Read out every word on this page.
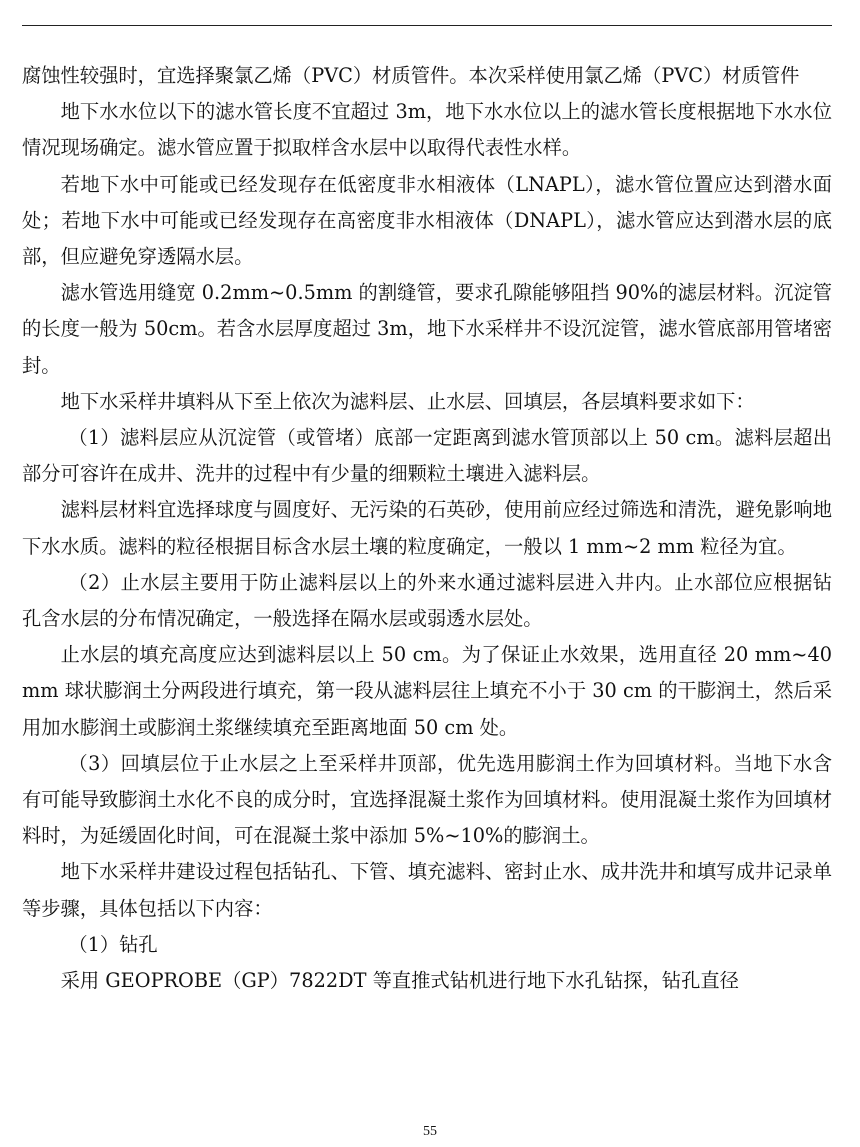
腐蚀性较强时，宜选择聚氯乙烯（PVC）材质管件。本次采样使用氯乙烯（PVC）材质管件

地下水水位以下的滤水管长度不宜超过 3m，地下水水位以上的滤水管长度根据地下水水位情况现场确定。滤水管应置于拟取样含水层中以取得代表性水样。

若地下水中可能或已经发现存在低密度非水相液体（LNAPL），滤水管位置应达到潜水面处；若地下水中可能或已经发现存在高密度非水相液体（DNAPL），滤水管应达到潜水层的底部，但应避免穿透隔水层。

滤水管选用缝宽 0.2mm~0.5mm 的割缝管，要求孔隙能够阻挡 90%的滤层材料。沉淀管的长度一般为 50cm。若含水层厚度超过 3m，地下水采样井不设沉淀管，滤水管底部用管堵密封。

地下水采样井填料从下至上依次为滤料层、止水层、回填层，各层填料要求如下：

（1）滤料层应从沉淀管（或管堵）底部一定距离到滤水管顶部以上 50 cm。滤料层超出部分可容许在成井、洗井的过程中有少量的细颗粒土壤进入滤料层。

滤料层材料宜选择球度与圆度好、无污染的石英砂，使用前应经过筛选和清洗，避免影响地下水水质。滤料的粒径根据目标含水层土壤的粒度确定，一般以 1 mm~2 mm 粒径为宜。

（2）止水层主要用于防止滤料层以上的外来水通过滤料层进入井内。止水部位应根据钻孔含水层的分布情况确定，一般选择在隔水层或弱透水层处。

止水层的填充高度应达到滤料层以上 50 cm。为了保证止水效果，选用直径 20 mm~40 mm 球状膨润土分两段进行填充，第一段从滤料层往上填充不小于 30 cm 的干膨润土，然后采用加水膨润土或膨润土浆继续填充至距离地面 50 cm 处。

（3）回填层位于止水层之上至采样井顶部，优先选用膨润土作为回填材料。当地下水含有可能导致膨润土水化不良的成分时，宜选择混凝土浆作为回填材料。使用混凝土浆作为回填材料时，为延缓固化时间，可在混凝土浆中添加 5%~10%的膨润土。

地下水采样井建设过程包括钻孔、下管、填充滤料、密封止水、成井洗井和填写成井记录单等步骤，具体包括以下内容：

（1）钻孔

采用 GEOPROBE（GP）7822DT 等直推式钻机进行地下水孔钻探，钻孔直径

55
